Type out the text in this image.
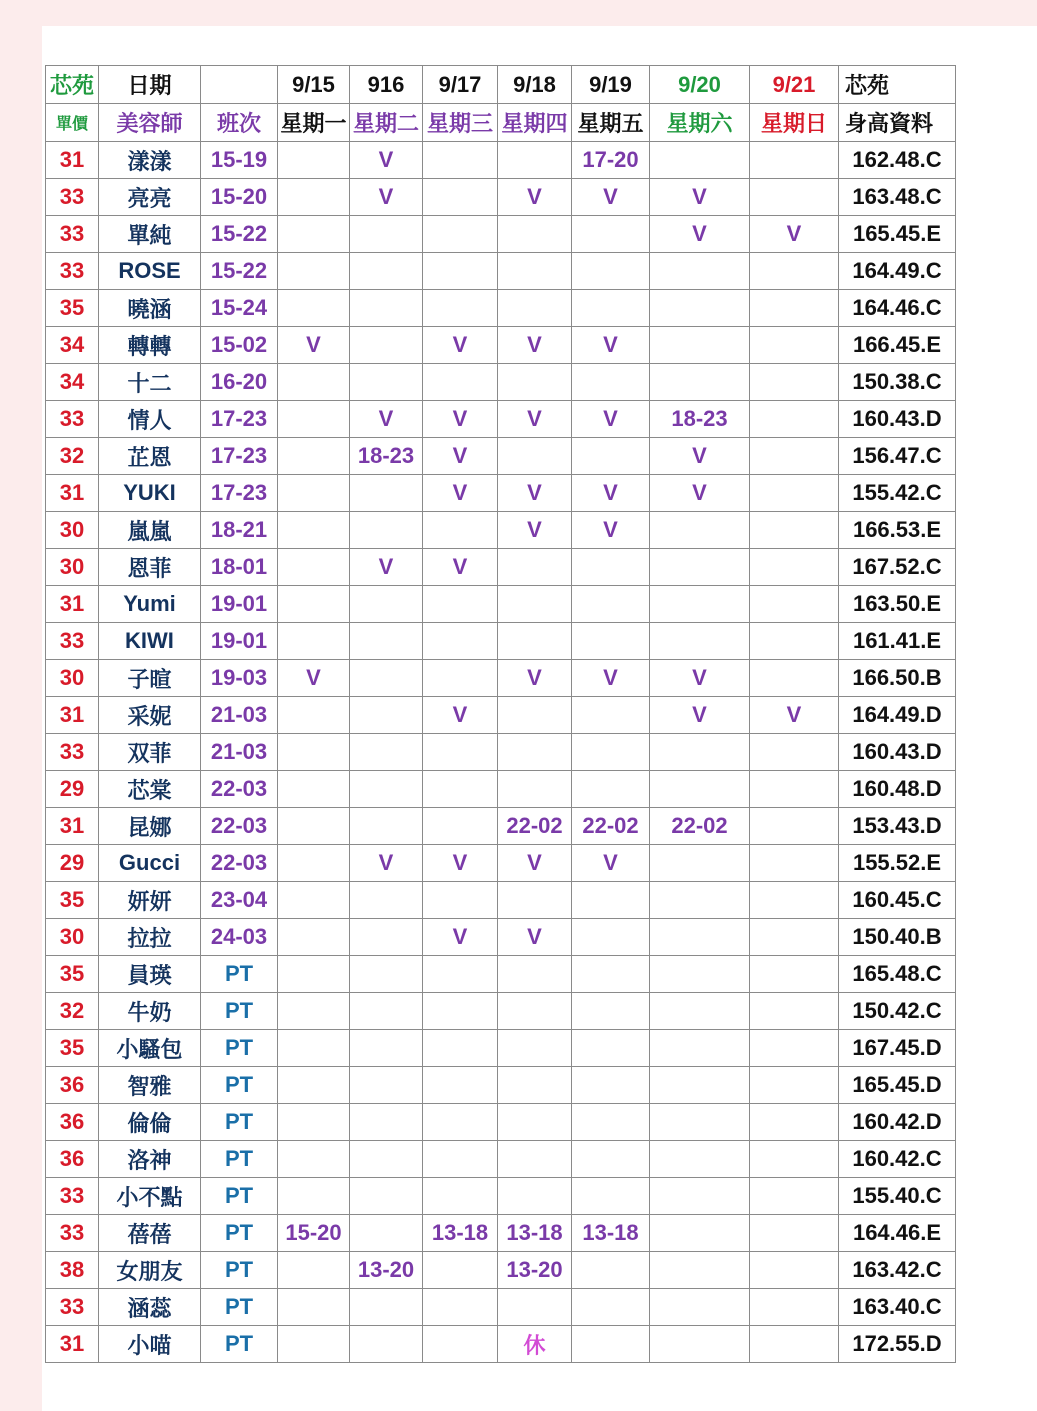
芯苑	日期		9/15	916	9/17	9/18	9/19	9/20	9/21	芯苑
單價	美容師	班次	星期一	星期二	星期三	星期四	星期五	星期六	星期日	身高資料
31	漾漾	15-19		V			17-20			162.48.C
33	亮亮	15-20		V		V	V	V		163.48.C
33	單純	15-22						V	V	165.45.E
33	ROSE	15-22								164.49.C
35	曉涵	15-24								164.46.C
34	轉轉	15-02	V		V	V	V			166.45.E
34	十二	16-20								150.38.C
33	情人	17-23		V	V	V	V	18-23		160.43.D
32	芷恩	17-23		18-23	V			V		156.47.C
31	YUKI	17-23			V	V	V	V		155.42.C
30	嵐嵐	18-21				V	V			166.53.E
30	恩菲	18-01		V	V					167.52.C
31	Yumi	19-01								163.50.E
33	KIWI	19-01								161.41.E
30	子暄	19-03	V			V	V	V		166.50.B
31	采妮	21-03			V			V	V	164.49.D
33	双菲	21-03								160.43.D
29	芯棠	22-03								160.48.D
31	昆娜	22-03				22-02	22-02	22-02		153.43.D
29	Gucci	22-03		V	V	V	V			155.52.E
35	妍妍	23-04								160.45.C
30	拉拉	24-03			V	V				150.40.B
35	員瑛	PT								165.48.C
32	牛奶	PT								150.42.C
35	小騷包	PT								167.45.D
36	智雅	PT								165.45.D
36	倫倫	PT								160.42.D
36	洛神	PT								160.42.C
33	小不點	PT								155.40.C
33	蓓蓓	PT	15-20		13-18	13-18	13-18			164.46.E
38	女朋友	PT		13-20		13-20				163.42.C
33	涵蕊	PT								163.40.C
31	小喵	PT				休				172.55.D
